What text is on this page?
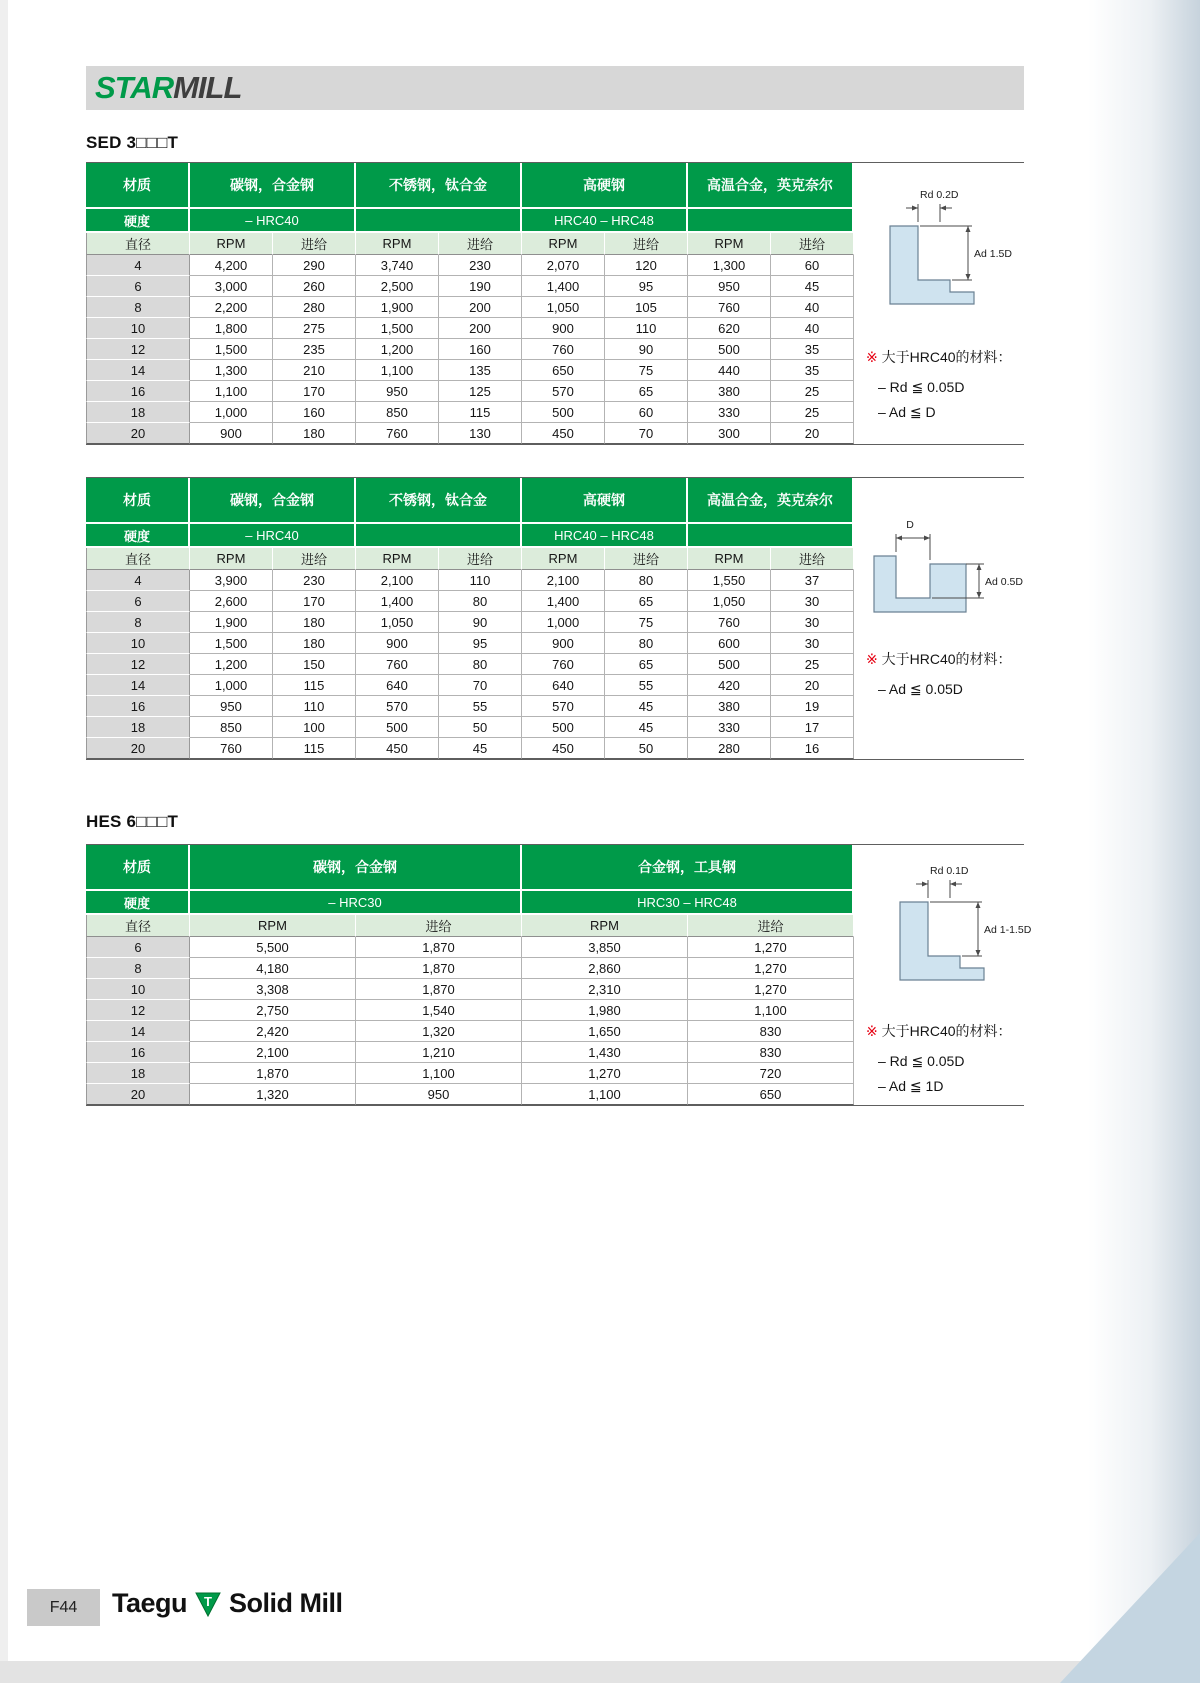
STARMILL
SED 3□□□T
材质	碳钢，合金钢		不锈钢，钛合金		高硬钢		高温合金，英克奈尔	
硬度	– HRC40				HRC40 – HRC48			
直径	RPM	进给	RPM	进给	RPM	进给	RPM	进给
4	4,200	290	3,740	230	2,070	120	1,300	60
6	3,000	260	2,500	190	1,400	95	950	45
8	2,200	280	1,900	200	1,050	105	760	40
10	1,800	275	1,500	200	900	110	620	40
12	1,500	235	1,200	160	760	90	500	35
14	1,300	210	1,100	135	650	75	440	35
16	1,100	170	950	125	570	65	380	25
18	1,000	160	850	115	500	60	330	25
20	900	180	760	130	450	70	300	20
Rd 0.2D
Ad 1.5D
※ 大于HRC40的材料：
– Rd ≦ 0.05D
– Ad ≦ D
材质	碳钢，合金钢		不锈钢，钛合金		高硬钢		高温合金，英克奈尔	
硬度	– HRC40				HRC40 – HRC48			
直径	RPM	进给	RPM	进给	RPM	进给	RPM	进给
4	3,900	230	2,100	110	2,100	80	1,550	37
6	2,600	170	1,400	80	1,400	65	1,050	30
8	1,900	180	1,050	90	1,000	75	760	30
10	1,500	180	900	95	900	80	600	30
12	1,200	150	760	80	760	65	500	25
14	1,000	115	640	70	640	55	420	20
16	950	110	570	55	570	45	380	19
18	850	100	500	50	500	45	330	17
20	760	115	450	45	450	50	280	16
D
Ad 0.5D
※ 大于HRC40的材料：
– Ad ≦ 0.05D
HES 6□□□T
材质	碳钢，合金钢		合金钢，工具钢	
硬度	– HRC30		HRC30 – HRC48	
直径	RPM	进给	RPM	进给
6	5,500	1,870	3,850	1,270
8	4,180	1,870	2,860	1,270
10	3,308	1,870	2,310	1,270
12	2,750	1,540	1,980	1,100
14	2,420	1,320	1,650	830
16	2,100	1,210	1,430	830
18	1,870	1,100	1,270	720
20	1,320	950	1,100	650
Rd 0.1D
Ad 1-1.5D
※ 大于HRC40的材料：
– Rd ≦ 0.05D
– Ad ≦ 1D
F44 Taegu T Solid Mill
